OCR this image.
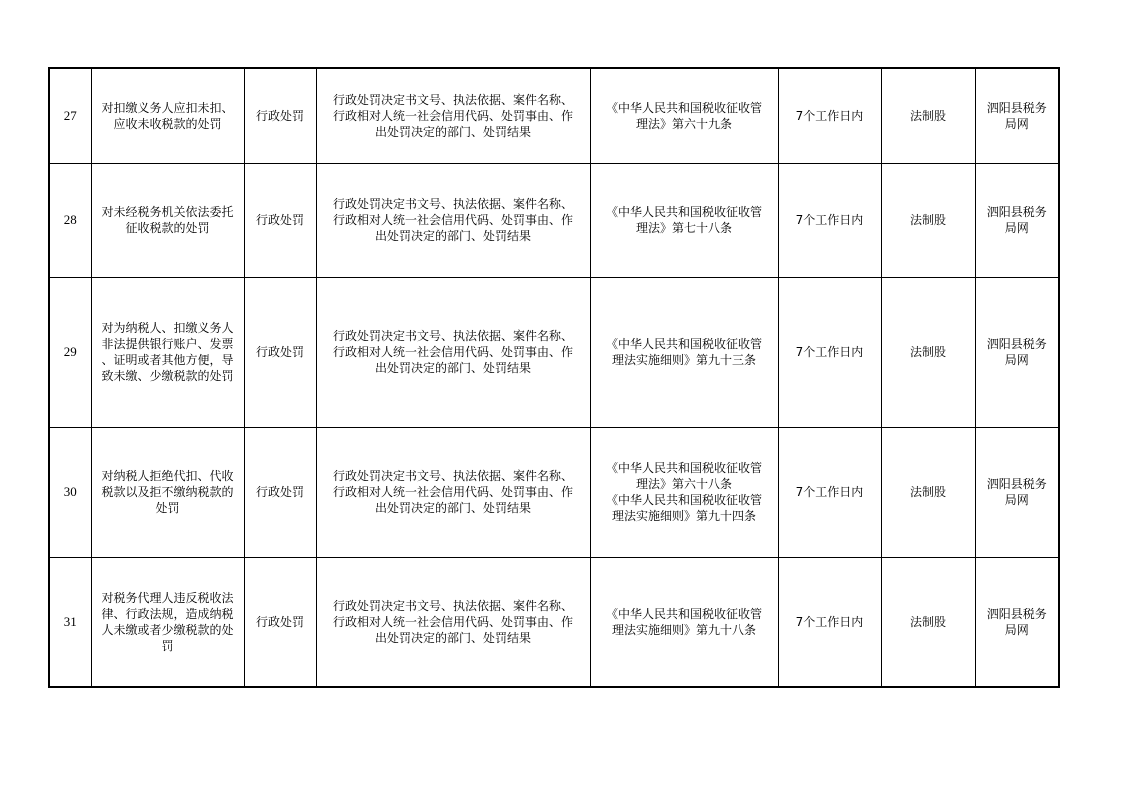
27	对扣缴义务人应扣未扣、
应收未收税款的处罚	行政处罚	行政处罚决定书文号、执法依据、案件名称、
行政相对人统一社会信用代码、处罚事由、作
出处罚决定的部门、处罚结果	《中华人民共和国税收征收管
理法》第六十九条	7个工作日内	法制股	泗阳县税务
局网

28	对未经税务机关依法委托
征收税款的处罚	行政处罚	行政处罚决定书文号、执法依据、案件名称、
行政相对人统一社会信用代码、处罚事由、作
出处罚决定的部门、处罚结果	《中华人民共和国税收征收管
理法》第七十八条	7个工作日内	法制股	泗阳县税务
局网

29	对为纳税人、扣缴义务人
非法提供银行账户、发票
、证明或者其他方便，导
致未缴、少缴税款的处罚	行政处罚	行政处罚决定书文号、执法依据、案件名称、
行政相对人统一社会信用代码、处罚事由、作
出处罚决定的部门、处罚结果	《中华人民共和国税收征收管
理法实施细则》第九十三条	7个工作日内	法制股	泗阳县税务
局网

30	对纳税人拒绝代扣、代收
税款以及拒不缴纳税款的
处罚	行政处罚	行政处罚决定书文号、执法依据、案件名称、
行政相对人统一社会信用代码、处罚事由、作
出处罚决定的部门、处罚结果	《中华人民共和国税收征收管
理法》第六十八条
《中华人民共和国税收征收管
理法实施细则》第九十四条	7个工作日内	法制股	泗阳县税务
局网

31	对税务代理人违反税收法
律、行政法规，造成纳税
人未缴或者少缴税款的处
罚	行政处罚	行政处罚决定书文号、执法依据、案件名称、
行政相对人统一社会信用代码、处罚事由、作
出处罚决定的部门、处罚结果	《中华人民共和国税收征收管
理法实施细则》第九十八条	7个工作日内	法制股	泗阳县税务
局网
